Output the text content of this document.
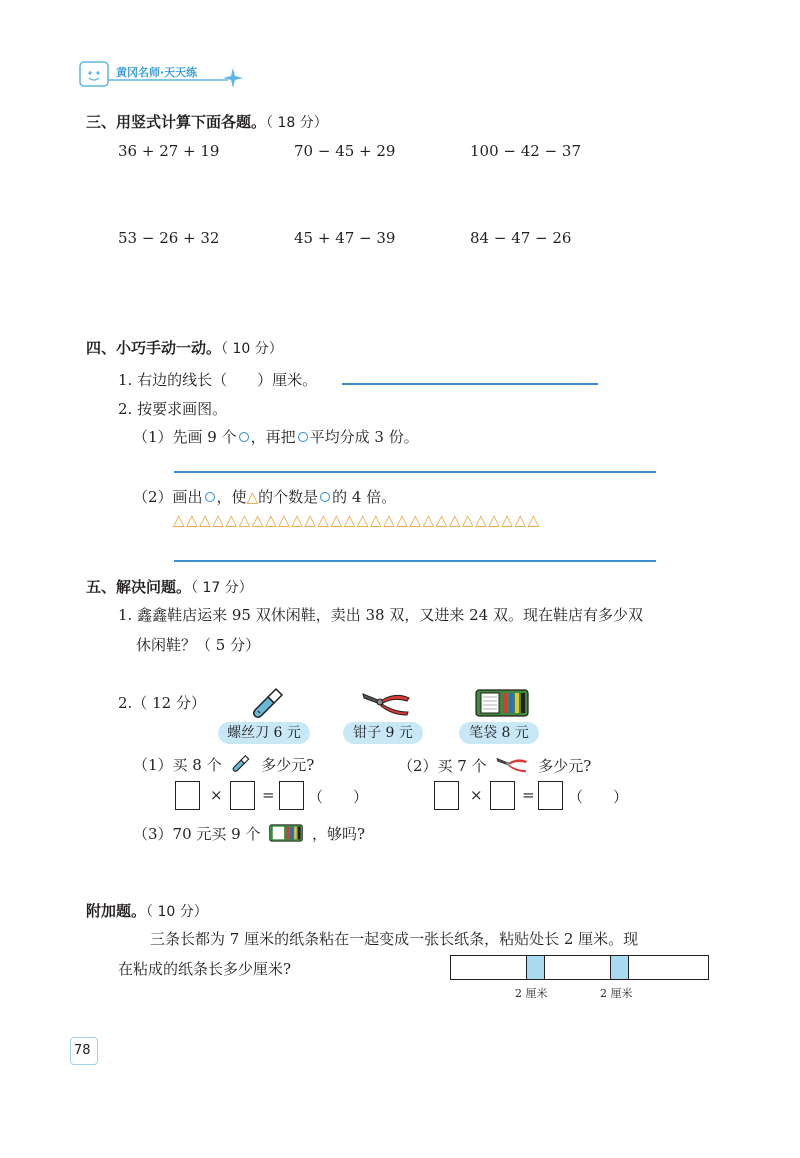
黄冈名师·天天练
三、用竖式计算下面各题。（ 18 分）
36 + 27 + 19	70 − 45 + 29	100 − 42 − 37
53 − 26 + 32	45 + 47 − 39	84 − 47 − 26
四、小巧手动一动。（ 10 分）
1. 右边的线长（　　）厘米。
2. 按要求画图。
（1）先画 9 个 ，再把 平均分成 3 份。
（2）画出 ，使△的个数是 的 4 倍。
△△△△△△△△△△△△△△△△△△△△△△△△△△△△
五、解决问题。（ 17 分）
1. 鑫鑫鞋店运来 95 双休闲鞋，卖出 38 双，又进来 24 双。现在鞋店有多少双
休闲鞋？（ 5 分）
2.（ 12 分）
螺丝刀 6 元	钳子 9 元	笔袋 8 元
（1）买 8 个	多少元?	（2）买 7 个	多少元?
×	= （　　）	×	= （　　）
（3）70 元买 9 个	，够吗?
附加题。（ 10 分）
三条长都为 7 厘米的纸条粘在一起变成一张长纸条，粘贴处长 2 厘米。现
在粘成的纸条长多少厘米?
2 厘米	2 厘米
78
